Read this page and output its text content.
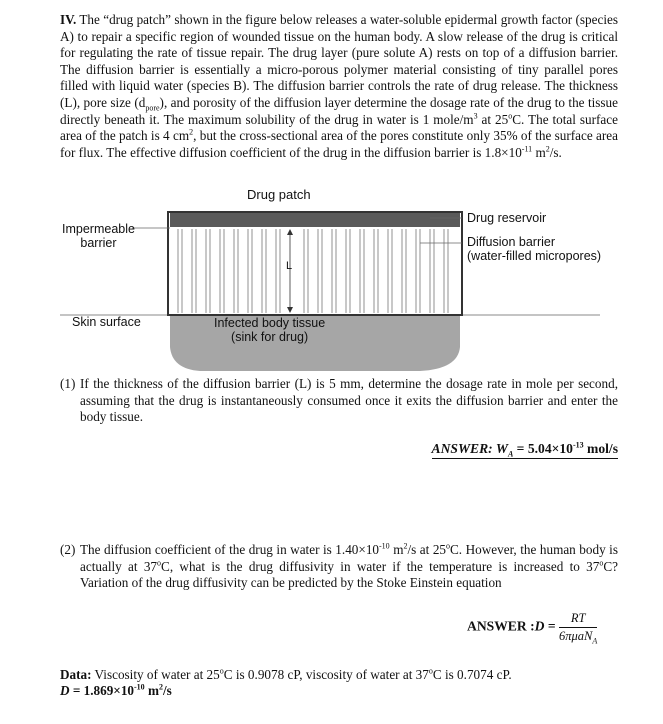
IV. The “drug patch” shown in the figure below releases a water-soluble epidermal growth factor (species A) to repair a specific region of wounded tissue on the human body. A slow release of the drug is critical for regulating the rate of tissue repair. The drug layer (pure solute A) rests on top of a diffusion barrier. The diffusion barrier is essentially a micro-porous polymer material consisting of tiny parallel pores filled with liquid water (species B). The diffusion barrier controls the rate of drug release. The thickness (L), pore size $(d_{pore})$, and porosity of the diffusion layer determine the dosage rate of the drug to the tissue directly beneath it. The maximum solubility of the drug in water is 1 mole/$m^3$ at 25$^o$C. The total surface area of the patch is 4 $cm^2$, but the cross-sectional area of the pores constitute only 35% of the surface area for flux. The effective diffusion coefficient of the drug in the diffusion barrier is $1.8\times 10^{-11}$ $m^2/s$.
Drug patch
Impermeable
barrier
Drug reservoir
Diffusion barrier
(water-filled micropores)
L
Skin surface	Infected body tissue
(sink for drug)
(1) If the thickness of the diffusion barrier (L) is 5 mm, determine the dosage rate in mole per second, assuming that the drug is instantaneously consumed once it exits the diffusion barrier and enter the body tissue.
ANSWER: $W_A = 5.04\times 10^{-13}$ mol/s
(2) The diffusion coefficient of the drug in water is $1.40\times 10^{-10}$ $m^2/s$ at 25$^o$C. However, the human body is actually at 37$^o$C, what is the drug diffusivity in water if the temperature is increased to 37$^o$C? Variation of the drug diffusivity can be predicted by the Stoke Einstein equation
ANSWER :D = $\frac{RT}{6\pi\mu aN_A}$
Data: Viscosity of water at 25$^o$C is 0.9078 cP, viscosity of water at 37$^o$C is 0.7074 cP.
$D = 1.869\times 10^{-10}$ $m^2/s$
